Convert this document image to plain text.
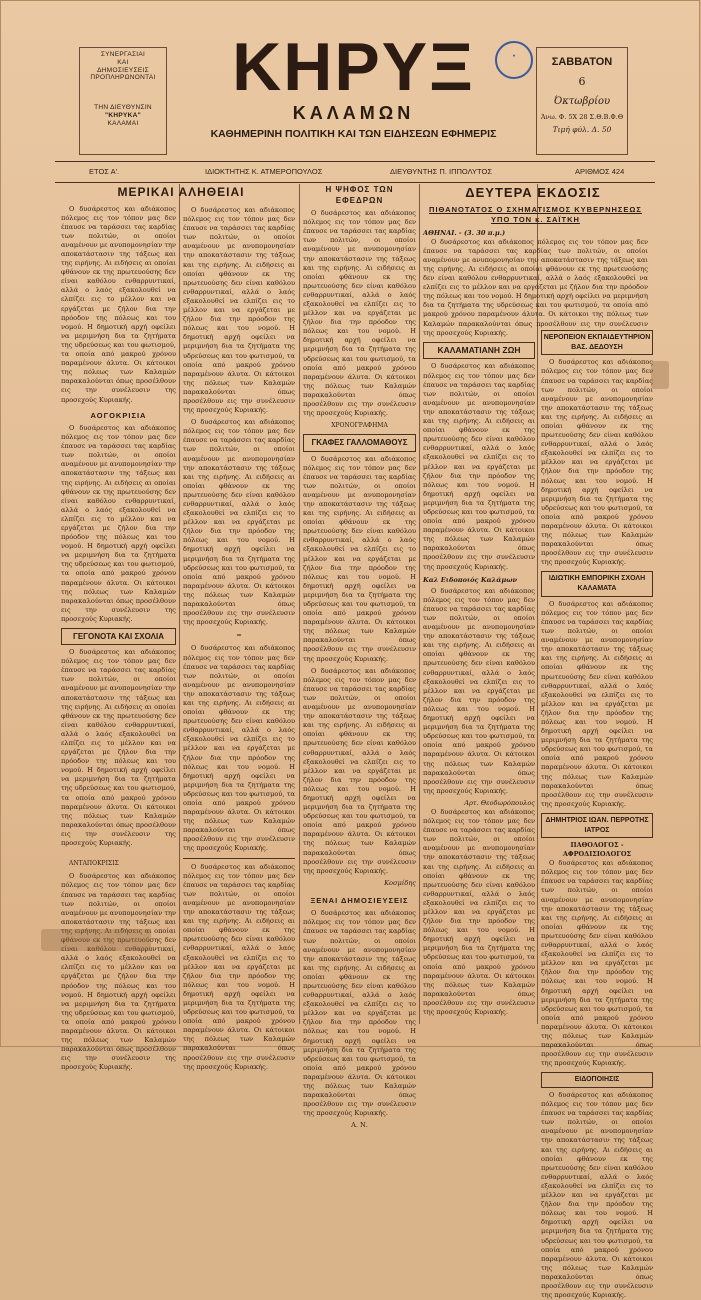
ΣΥΝΕΡΓΑΣΙΑΙ
ΚΑΙ
ΔΗΜΟΣΙΕΥΣΕΙΣ
ΠΡΟΠΛΗΡΩΝΟΝΤΑΙ
ΤΗΝ ΔΙΕΥΘΥΝΣΙΝ
"ΚΗΡΥΚΑ"
ΚΑΛΑΜΑΙ
ΚΗΡΥΞ
ΚΑΛΑΜΩΝ
ΚΑΘΗΜΕΡΙΝΗ ΠΟΛΙΤΙΚΗ ΚΑΙ ΤΩΝ ΕΙΔΗΣΕΩΝ ΕΦΗΜΕΡΙΣ
●
ΣΑΒΒΑΤΟΝ
6
Όκτωβρίου
Άνω. Φ. 5Χ 28 Σ.Θ.Β.Φ.Θ
Τιμή φύλ. Δ. 50
ΕΤΟΣ Α'.	ΙΔΙΟΚΤΗΤΗΣ Κ. ΑΤΜΕΡΟΠΟΥΛΟΣ	ΔΙΕΥΘΥΝΤΗΣ Π. ΙΠΠΟΛΥΤΟΣ	ΑΡΙΘΜΟΣ 424
ΜΕΡΙΚΑΙ ΑΛΗΘΕΙΑΙ

Ο δυσάρεστος και αδιάκοπος πόλεμος εις τον τόπον μας δεν έπαυσε να ταράσσει τας καρδίας των πολιτών, οι οποίοι αναμένουν με ανυπομονησίαν την αποκατάστασιν της τάξεως και της ειρήνης. Αι ειδήσεις αι οποίαι φθάνουν εκ της πρωτευούσης δεν είναι καθόλου ενθαρρυντικαί, αλλά ο λαός εξακολουθεί να ελπίζει εις το μέλλον και να εργάζεται με ζήλον δια την πρόοδον της πόλεως και του νομού. Η δημοτική αρχή οφείλει να μεριμνήση δια τα ζητήματα της υδρεύσεως και του φωτισμού, τα οποία από μακρού χρόνου παραμένουν άλυτα. Οι κάτοικοι της πόλεως των Καλαμών παρακαλούνται όπως προσέλθουν εις την συνέλευσιν της προσεχούς Κυριακής.

ΑΟΓΟΚΡΙΣΙΑ

Ο δυσάρεστος και αδιάκοπος πόλεμος εις τον τόπον μας δεν έπαυσε να ταράσσει τας καρδίας των πολιτών, οι οποίοι αναμένουν με ανυπομονησίαν την αποκατάστασιν της τάξεως και της ειρήνης. Αι ειδήσεις αι οποίαι φθάνουν εκ της πρωτευούσης δεν είναι καθόλου ενθαρρυντικαί, αλλά ο λαός εξακολουθεί να ελπίζει εις το μέλλον και να εργάζεται με ζήλον δια την πρόοδον της πόλεως και του νομού. Η δημοτική αρχή οφείλει να μεριμνήση δια τα ζητήματα της υδρεύσεως και του φωτισμού, τα οποία από μακρού χρόνου παραμένουν άλυτα. Οι κάτοικοι της πόλεως των Καλαμών παρακαλούνται όπως προσέλθουν εις την συνέλευσιν της προσεχούς Κυριακής.

ΓΕΓΟΝΟΤΑ ΚΑΙ ΣΧΟΛΙΑ

Ο δυσάρεστος και αδιάκοπος πόλεμος εις τον τόπον μας δεν έπαυσε να ταράσσει τας καρδίας των πολιτών, οι οποίοι αναμένουν με ανυπομονησίαν την αποκατάστασιν της τάξεως και της ειρήνης. Αι ειδήσεις αι οποίαι φθάνουν εκ της πρωτευούσης δεν είναι καθόλου ενθαρρυντικαί, αλλά ο λαός εξακολουθεί να ελπίζει εις το μέλλον και να εργάζεται με ζήλον δια την πρόοδον της πόλεως και του νομού. Η δημοτική αρχή οφείλει να μεριμνήση δια τα ζητήματα της υδρεύσεως και του φωτισμού, τα οποία από μακρού χρόνου παραμένουν άλυτα. Οι κάτοικοι της πόλεως των Καλαμών παρακαλούνται όπως προσέλθουν εις την συνέλευσιν της προσεχούς Κυριακής.

ΑΝΤΑΠΟΚΡΙΣΙΣ

Ο δυσάρεστος και αδιάκοπος πόλεμος εις τον τόπον μας δεν έπαυσε να ταράσσει τας καρδίας των πολιτών, οι οποίοι αναμένουν με ανυπομονησίαν την αποκατάστασιν της τάξεως και της ειρήνης. Αι ειδήσεις αι οποίαι φθάνουν εκ της πρωτευούσης δεν είναι καθόλου ενθαρρυντικαί, αλλά ο λαός εξακολουθεί να ελπίζει εις το μέλλον και να εργάζεται με ζήλον δια την πρόοδον της πόλεως και του νομού. Η δημοτική αρχή οφείλει να μεριμνήση δια τα ζητήματα της υδρεύσεως και του φωτισμού, τα οποία από μακρού χρόνου παραμένουν άλυτα. Οι κάτοικοι της πόλεως των Καλαμών παρακαλούνται όπως προσέλθουν εις την συνέλευσιν της προσεχούς Κυριακής.

Ο δυσάρεστος και αδιάκοπος πόλεμος εις τον τόπον μας δεν έπαυσε να ταράσσει τας καρδίας των πολιτών, οι οποίοι αναμένουν με ανυπομονησίαν την αποκατάστασιν της τάξεως και της ειρήνης. Αι ειδήσεις αι οποίαι φθάνουν εκ της πρωτευούσης δεν είναι καθόλου ενθαρρυντικαί, αλλά ο λαός εξακολουθεί να ελπίζει εις το μέλλον και να εργάζεται με ζήλον δια την πρόοδον της πόλεως και του νομού. Η δημοτική αρχή οφείλει να μεριμνήση δια τα ζητήματα της υδρεύσεως και του φωτισμού, τα οποία από μακρού χρόνου παραμένουν άλυτα. Οι κάτοικοι της πόλεως των Καλαμών παρακαλούνται όπως προσέλθουν εις την συνέλευσιν της προσεχούς Κυριακής.

Ο δυσάρεστος και αδιάκοπος πόλεμος εις τον τόπον μας δεν έπαυσε να ταράσσει τας καρδίας των πολιτών, οι οποίοι αναμένουν με ανυπομονησίαν την αποκατάστασιν της τάξεως και της ειρήνης. Αι ειδήσεις αι οποίαι φθάνουν εκ της πρωτευούσης δεν είναι καθόλου ενθαρρυντικαί, αλλά ο λαός εξακολουθεί να ελπίζει εις το μέλλον και να εργάζεται με ζήλον δια την πρόοδον της πόλεως και του νομού. Η δημοτική αρχή οφείλει να μεριμνήση δια τα ζητήματα της υδρεύσεως και του φωτισμού, τα οποία από μακρού χρόνου παραμένουν άλυτα. Οι κάτοικοι της πόλεως των Καλαμών παρακαλούνται όπως προσέλθουν εις την συνέλευσιν της προσεχούς Κυριακής.

=

Ο δυσάρεστος και αδιάκοπος πόλεμος εις τον τόπον μας δεν έπαυσε να ταράσσει τας καρδίας των πολιτών, οι οποίοι αναμένουν με ανυπομονησίαν την αποκατάστασιν της τάξεως και της ειρήνης. Αι ειδήσεις αι οποίαι φθάνουν εκ της πρωτευούσης δεν είναι καθόλου ενθαρρυντικαί, αλλά ο λαός εξακολουθεί να ελπίζει εις το μέλλον και να εργάζεται με ζήλον δια την πρόοδον της πόλεως και του νομού. Η δημοτική αρχή οφείλει να μεριμνήση δια τα ζητήματα της υδρεύσεως και του φωτισμού, τα οποία από μακρού χρόνου παραμένουν άλυτα. Οι κάτοικοι της πόλεως των Καλαμών παρακαλούνται όπως προσέλθουν εις την συνέλευσιν της προσεχούς Κυριακής.

Ο δυσάρεστος και αδιάκοπος πόλεμος εις τον τόπον μας δεν έπαυσε να ταράσσει τας καρδίας των πολιτών, οι οποίοι αναμένουν με ανυπομονησίαν την αποκατάστασιν της τάξεως και της ειρήνης. Αι ειδήσεις αι οποίαι φθάνουν εκ της πρωτευούσης δεν είναι καθόλου ενθαρρυντικαί, αλλά ο λαός εξακολουθεί να ελπίζει εις το μέλλον και να εργάζεται με ζήλον δια την πρόοδον της πόλεως και του νομού. Η δημοτική αρχή οφείλει να μεριμνήση δια τα ζητήματα της υδρεύσεως και του φωτισμού, τα οποία από μακρού χρόνου παραμένουν άλυτα. Οι κάτοικοι της πόλεως των Καλαμών παρακαλούνται όπως προσέλθουν εις την συνέλευσιν της προσεχούς Κυριακής.

Η ΨΗΦΟΣ ΤΩΝ ΕΦΕΔΡΩΝ

Ο δυσάρεστος και αδιάκοπος πόλεμος εις τον τόπον μας δεν έπαυσε να ταράσσει τας καρδίας των πολιτών, οι οποίοι αναμένουν με ανυπομονησίαν την αποκατάστασιν της τάξεως και της ειρήνης. Αι ειδήσεις αι οποίαι φθάνουν εκ της πρωτευούσης δεν είναι καθόλου ενθαρρυντικαί, αλλά ο λαός εξακολουθεί να ελπίζει εις το μέλλον και να εργάζεται με ζήλον δια την πρόοδον της πόλεως και του νομού. Η δημοτική αρχή οφείλει να μεριμνήση δια τα ζητήματα της υδρεύσεως και του φωτισμού, τα οποία από μακρού χρόνου παραμένουν άλυτα. Οι κάτοικοι της πόλεως των Καλαμών παρακαλούνται όπως προσέλθουν εις την συνέλευσιν της προσεχούς Κυριακής.

ΧΡΟΝΟΓΡΑΦΗΜΑ
ΓΚΑΦΕΣ ΓΑΛΛΟΜΑΘΟΥΣ

Ο δυσάρεστος και αδιάκοπος πόλεμος εις τον τόπον μας δεν έπαυσε να ταράσσει τας καρδίας των πολιτών, οι οποίοι αναμένουν με ανυπομονησίαν την αποκατάστασιν της τάξεως και της ειρήνης. Αι ειδήσεις αι οποίαι φθάνουν εκ της πρωτευούσης δεν είναι καθόλου ενθαρρυντικαί, αλλά ο λαός εξακολουθεί να ελπίζει εις το μέλλον και να εργάζεται με ζήλον δια την πρόοδον της πόλεως και του νομού. Η δημοτική αρχή οφείλει να μεριμνήση δια τα ζητήματα της υδρεύσεως και του φωτισμού, τα οποία από μακρού χρόνου παραμένουν άλυτα. Οι κάτοικοι της πόλεως των Καλαμών παρακαλούνται όπως προσέλθουν εις την συνέλευσιν της προσεχούς Κυριακής.

Ο δυσάρεστος και αδιάκοπος πόλεμος εις τον τόπον μας δεν έπαυσε να ταράσσει τας καρδίας των πολιτών, οι οποίοι αναμένουν με ανυπομονησίαν την αποκατάστασιν της τάξεως και της ειρήνης. Αι ειδήσεις αι οποίαι φθάνουν εκ της πρωτευούσης δεν είναι καθόλου ενθαρρυντικαί, αλλά ο λαός εξακολουθεί να ελπίζει εις το μέλλον και να εργάζεται με ζήλον δια την πρόοδον της πόλεως και του νομού. Η δημοτική αρχή οφείλει να μεριμνήση δια τα ζητήματα της υδρεύσεως και του φωτισμού, τα οποία από μακρού χρόνου παραμένουν άλυτα. Οι κάτοικοι της πόλεως των Καλαμών παρακαλούνται όπως προσέλθουν εις την συνέλευσιν της προσεχούς Κυριακής.

Κοσμίδης
ΞΕΝΑΙ ΔΗΜΟΣΙΕΥΣΕΙΣ

Ο δυσάρεστος και αδιάκοπος πόλεμος εις τον τόπον μας δεν έπαυσε να ταράσσει τας καρδίας των πολιτών, οι οποίοι αναμένουν με ανυπομονησίαν την αποκατάστασιν της τάξεως και της ειρήνης. Αι ειδήσεις αι οποίαι φθάνουν εκ της πρωτευούσης δεν είναι καθόλου ενθαρρυντικαί, αλλά ο λαός εξακολουθεί να ελπίζει εις το μέλλον και να εργάζεται με ζήλον δια την πρόοδον της πόλεως και του νομού. Η δημοτική αρχή οφείλει να μεριμνήση δια τα ζητήματα της υδρεύσεως και του φωτισμού, τα οποία από μακρού χρόνου παραμένουν άλυτα. Οι κάτοικοι της πόλεως των Καλαμών παρακαλούνται όπως προσέλθουν εις την συνέλευσιν της προσεχούς Κυριακής.

Α. Ν.
ΔΕΥΤΕΡΑ ΕΚΔΟΣΙΣ
ΠΙΘΑΝΟΤΑΤΟΣ Ο ΣΧΗΜΑΤΙΣΜΟΣ ΚΥΒΕΡΝΗΣΕΩΣ ΥΠΟ ΤΟΝ κ. ΣΑΪΤΚΗ
ΑΘΗΝΑΙ. - (3. 30 π.μ.)

Ο δυσάρεστος και αδιάκοπος πόλεμος εις τον τόπον μας δεν έπαυσε να ταράσσει τας καρδίας των πολιτών, οι οποίοι αναμένουν με ανυπομονησίαν την αποκατάστασιν της τάξεως και της ειρήνης. Αι ειδήσεις αι οποίαι φθάνουν εκ της πρωτευούσης δεν είναι καθόλου ενθαρρυντικαί, αλλά ο λαός εξακολουθεί να ελπίζει εις το μέλλον και να εργάζεται με ζήλον δια την πρόοδον της πόλεως και του νομού. Η δημοτική αρχή οφείλει να μεριμνήση δια τα ζητήματα της υδρεύσεως και του φωτισμού, τα οποία από μακρού χρόνου παραμένουν άλυτα. Οι κάτοικοι της πόλεως των Καλαμών παρακαλούνται όπως προσέλθουν εις την συνέλευσιν της προσεχούς Κυριακής.

ΚΑΛΑΜΑΤΙΑΝΗ ΖΩΗ

Ο δυσάρεστος και αδιάκοπος πόλεμος εις τον τόπον μας δεν έπαυσε να ταράσσει τας καρδίας των πολιτών, οι οποίοι αναμένουν με ανυπομονησίαν την αποκατάστασιν της τάξεως και της ειρήνης. Αι ειδήσεις αι οποίαι φθάνουν εκ της πρωτευούσης δεν είναι καθόλου ενθαρρυντικαί, αλλά ο λαός εξακολουθεί να ελπίζει εις το μέλλον και να εργάζεται με ζήλον δια την πρόοδον της πόλεως και του νομού. Η δημοτική αρχή οφείλει να μεριμνήση δια τα ζητήματα της υδρεύσεως και του φωτισμού, τα οποία από μακρού χρόνου παραμένουν άλυτα. Οι κάτοικοι της πόλεως των Καλαμών παρακαλούνται όπως προσέλθουν εις την συνέλευσιν της προσεχούς Κυριακής.

Καλ Ειδοποιός Καλάμων

Ο δυσάρεστος και αδιάκοπος πόλεμος εις τον τόπον μας δεν έπαυσε να ταράσσει τας καρδίας των πολιτών, οι οποίοι αναμένουν με ανυπομονησίαν την αποκατάστασιν της τάξεως και της ειρήνης. Αι ειδήσεις αι οποίαι φθάνουν εκ της πρωτευούσης δεν είναι καθόλου ενθαρρυντικαί, αλλά ο λαός εξακολουθεί να ελπίζει εις το μέλλον και να εργάζεται με ζήλον δια την πρόοδον της πόλεως και του νομού. Η δημοτική αρχή οφείλει να μεριμνήση δια τα ζητήματα της υδρεύσεως και του φωτισμού, τα οποία από μακρού χρόνου παραμένουν άλυτα. Οι κάτοικοι της πόλεως των Καλαμών παρακαλούνται όπως προσέλθουν εις την συνέλευσιν της προσεχούς Κυριακής.

Αρτ. Θεοδωρόπουλος

Ο δυσάρεστος και αδιάκοπος πόλεμος εις τον τόπον μας δεν έπαυσε να ταράσσει τας καρδίας των πολιτών, οι οποίοι αναμένουν με ανυπομονησίαν την αποκατάστασιν της τάξεως και της ειρήνης. Αι ειδήσεις αι οποίαι φθάνουν εκ της πρωτευούσης δεν είναι καθόλου ενθαρρυντικαί, αλλά ο λαός εξακολουθεί να ελπίζει εις το μέλλον και να εργάζεται με ζήλον δια την πρόοδον της πόλεως και του νομού. Η δημοτική αρχή οφείλει να μεριμνήση δια τα ζητήματα της υδρεύσεως και του φωτισμού, τα οποία από μακρού χρόνου παραμένουν άλυτα. Οι κάτοικοι της πόλεως των Καλαμών παρακαλούνται όπως προσέλθουν εις την συνέλευσιν της προσεχούς Κυριακής.

ΝΕΡΟΠΕΙΟΝ ΕΚΠΑΙΔΕΥΤΗΡΙΟΝ ΒΑΣ. ΔΕΔΟΥΣΗ

Ο δυσάρεστος και αδιάκοπος πόλεμος εις τον τόπον μας δεν έπαυσε να ταράσσει τας καρδίας των πολιτών, οι οποίοι αναμένουν με ανυπομονησίαν την αποκατάστασιν της τάξεως και της ειρήνης. Αι ειδήσεις αι οποίαι φθάνουν εκ της πρωτευούσης δεν είναι καθόλου ενθαρρυντικαί, αλλά ο λαός εξακολουθεί να ελπίζει εις το μέλλον και να εργάζεται με ζήλον δια την πρόοδον της πόλεως και του νομού. Η δημοτική αρχή οφείλει να μεριμνήση δια τα ζητήματα της υδρεύσεως και του φωτισμού, τα οποία από μακρού χρόνου παραμένουν άλυτα. Οι κάτοικοι της πόλεως των Καλαμών παρακαλούνται όπως προσέλθουν εις την συνέλευσιν της προσεχούς Κυριακής.

ΙΔΙΩΤΙΚΗ ΕΜΠΟΡΙΚΗ ΣΧΟΛΗ ΚΑΛΑΜΑΤΑ

Ο δυσάρεστος και αδιάκοπος πόλεμος εις τον τόπον μας δεν έπαυσε να ταράσσει τας καρδίας των πολιτών, οι οποίοι αναμένουν με ανυπομονησίαν την αποκατάστασιν της τάξεως και της ειρήνης. Αι ειδήσεις αι οποίαι φθάνουν εκ της πρωτευούσης δεν είναι καθόλου ενθαρρυντικαί, αλλά ο λαός εξακολουθεί να ελπίζει εις το μέλλον και να εργάζεται με ζήλον δια την πρόοδον της πόλεως και του νομού. Η δημοτική αρχή οφείλει να μεριμνήση δια τα ζητήματα της υδρεύσεως και του φωτισμού, τα οποία από μακρού χρόνου παραμένουν άλυτα. Οι κάτοικοι της πόλεως των Καλαμών παρακαλούνται όπως προσέλθουν εις την συνέλευσιν της προσεχούς Κυριακής.

ΔΗΜΗΤΡΙΟΣ ΙΩΑΝ. ΠΕΡΡΟΤΗΣ ΙΑΤΡΟΣ
ΠΑΘΟΛΟΓΟΣ - ΑΦΡΟΔΙΣΙΟΛΟΓΟΣ

Ο δυσάρεστος και αδιάκοπος πόλεμος εις τον τόπον μας δεν έπαυσε να ταράσσει τας καρδίας των πολιτών, οι οποίοι αναμένουν με ανυπομονησίαν την αποκατάστασιν της τάξεως και της ειρήνης. Αι ειδήσεις αι οποίαι φθάνουν εκ της πρωτευούσης δεν είναι καθόλου ενθαρρυντικαί, αλλά ο λαός εξακολουθεί να ελπίζει εις το μέλλον και να εργάζεται με ζήλον δια την πρόοδον της πόλεως και του νομού. Η δημοτική αρχή οφείλει να μεριμνήση δια τα ζητήματα της υδρεύσεως και του φωτισμού, τα οποία από μακρού χρόνου παραμένουν άλυτα. Οι κάτοικοι της πόλεως των Καλαμών παρακαλούνται όπως προσέλθουν εις την συνέλευσιν της προσεχούς Κυριακής.

ΕΙΔΟΠΟΙΗΣΙΣ

Ο δυσάρεστος και αδιάκοπος πόλεμος εις τον τόπον μας δεν έπαυσε να ταράσσει τας καρδίας των πολιτών, οι οποίοι αναμένουν με ανυπομονησίαν την αποκατάστασιν της τάξεως και της ειρήνης. Αι ειδήσεις αι οποίαι φθάνουν εκ της πρωτευούσης δεν είναι καθόλου ενθαρρυντικαί, αλλά ο λαός εξακολουθεί να ελπίζει εις το μέλλον και να εργάζεται με ζήλον δια την πρόοδον της πόλεως και του νομού. Η δημοτική αρχή οφείλει να μεριμνήση δια τα ζητήματα της υδρεύσεως και του φωτισμού, τα οποία από μακρού χρόνου παραμένουν άλυτα. Οι κάτοικοι της πόλεως των Καλαμών παρακαλούνται όπως προσέλθουν εις την συνέλευσιν της προσεχούς Κυριακής.
